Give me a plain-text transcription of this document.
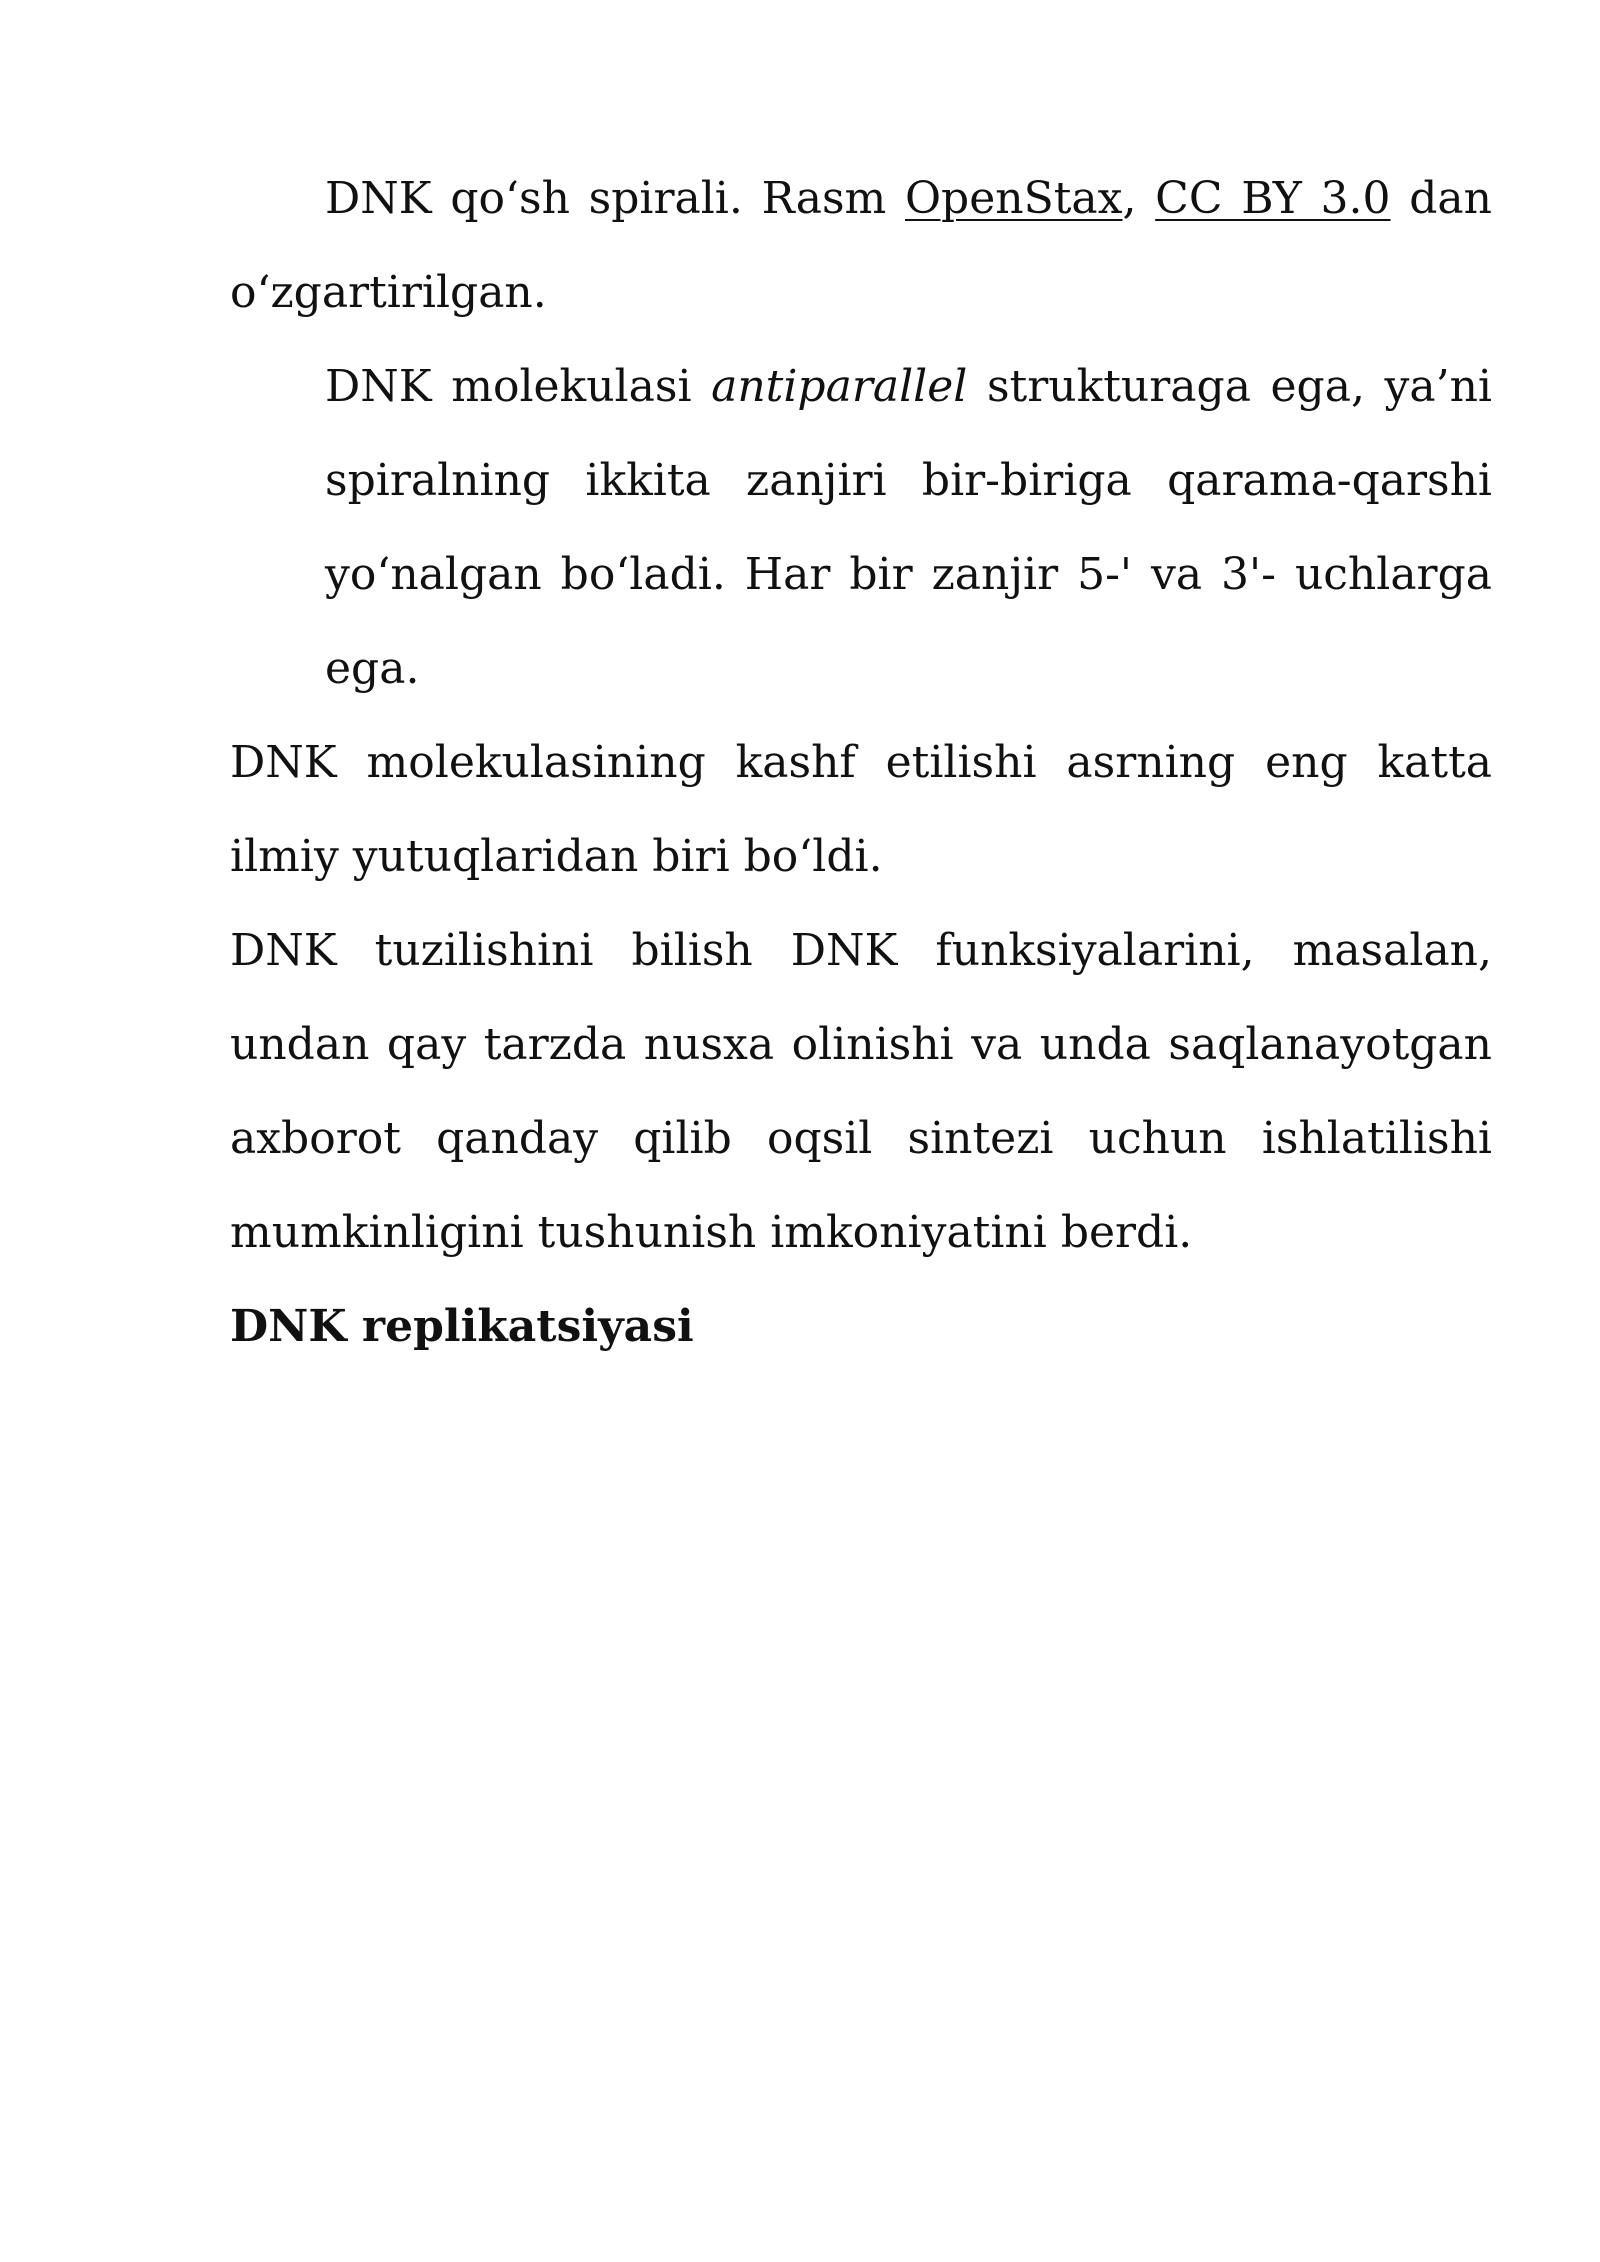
DNK qo‘sh spirali. Rasm OpenStax, CC BY 3.0 dan o‘zgartirilgan.

DNK molekulasi antiparallel strukturaga ega, ya’ni spiralning ikkita zanjiri bir-biriga qarama-qarshi yo‘nalgan bo‘ladi. Har bir zanjir 5-' va 3'- uchlarga ega.

DNK molekulasining kashf etilishi asrning eng katta ilmiy yutuqlaridan biri bo‘ldi.

DNK tuzilishini bilish DNK funksiyalarini, masalan, undan qay tarzda nusxa olinishi va unda saqlanayotgan axborot qanday qilib oqsil sintezi uchun ishlatilishi mumkinligini tushunish imkoniyatini berdi.

DNK replikatsiyasi
